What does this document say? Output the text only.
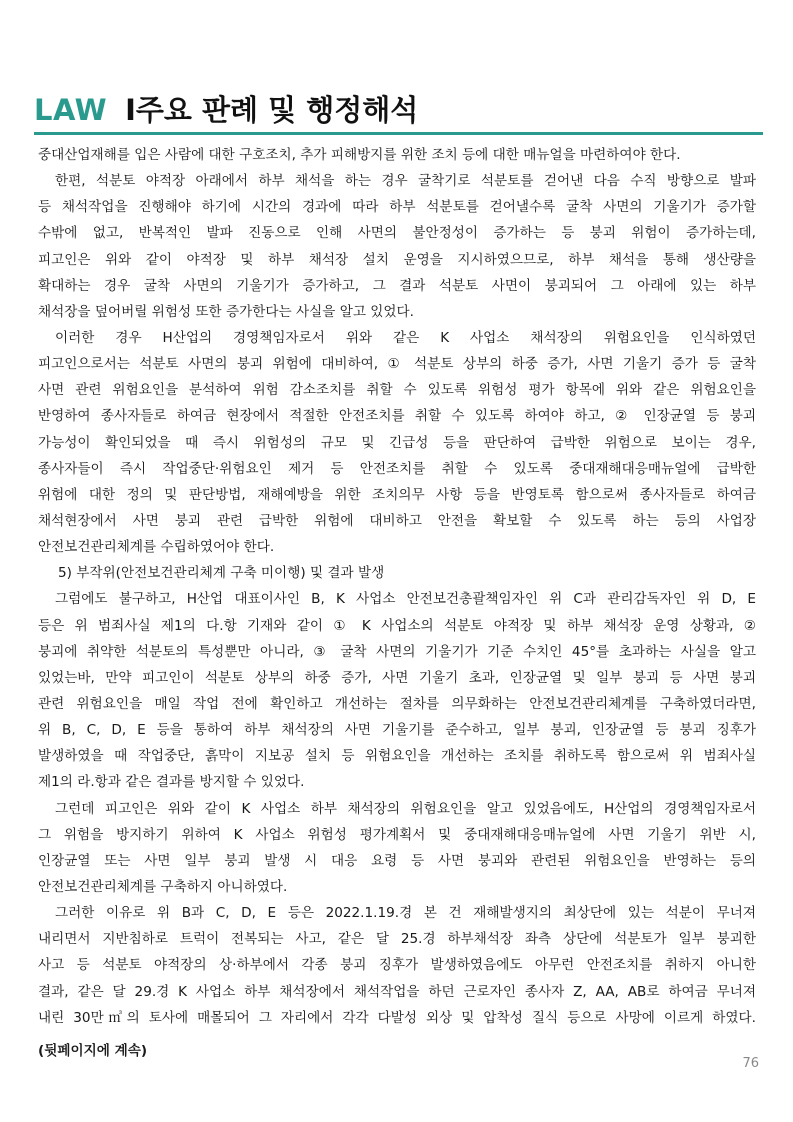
LAW Ⅰ주요 판례 및 행정해석
중대산업재해를 입은 사람에 대한 구호조치, 추가 피해방지를 위한 조치 등에 대한 매뉴얼을 마련하여야 한다.
한편, 석분토 야적장 아래에서 하부 채석을 하는 경우 굴착기로 석분토를 걷어낸 다음 수직 방향으로 발파
등 채석작업을 진행해야 하기에 시간의 경과에 따라 하부 석분토를 걷어낼수록 굴착 사면의 기울기가 증가할
수밖에 없고, 반복적인 발파 진동으로 인해 사면의 불안정성이 증가하는 등 붕괴 위험이 증가하는데,
피고인은 위와 같이 야적장 및 하부 채석장 설치 운영을 지시하였으므로, 하부 채석을 통해 생산량을
확대하는 경우 굴착 사면의 기울기가 증가하고, 그 결과 석분토 사면이 붕괴되어 그 아래에 있는 하부
채석장을 덮어버릴 위험성 또한 증가한다는 사실을 알고 있었다.
이러한 경우 H산업의 경영책임자로서 위와 같은 K 사업소 채석장의 위험요인을 인식하였던
피고인으로서는 석분토 사면의 붕괴 위험에 대비하여, ① 석분토 상부의 하중 증가, 사면 기울기 증가 등 굴착
사면 관련 위험요인을 분석하여 위험 감소조치를 취할 수 있도록 위험성 평가 항목에 위와 같은 위험요인을
반영하여 종사자들로 하여금 현장에서 적절한 안전조치를 취할 수 있도록 하여야 하고, ② 인장균열 등 붕괴
가능성이 확인되었을 때 즉시 위험성의 규모 및 긴급성 등을 판단하여 급박한 위험으로 보이는 경우,
종사자들이 즉시 작업중단·위험요인 제거 등 안전조치를 취할 수 있도록 중대재해대응매뉴얼에 급박한
위험에 대한 정의 및 판단방법, 재해예방을 위한 조치의무 사항 등을 반영토록 함으로써 종사자들로 하여금
채석현장에서 사면 붕괴 관련 급박한 위험에 대비하고 안전을 확보할 수 있도록 하는 등의 사업장
안전보건관리체계를 수립하였어야 한다.
5) 부작위(안전보건관리체계 구축 미이행) 및 결과 발생
그럼에도 불구하고, H산업 대표이사인 B, K 사업소 안전보건총괄책임자인 위 C과 관리감독자인 위 D, E
등은 위 범죄사실 제1의 다.항 기재와 같이 ① K 사업소의 석분토 야적장 및 하부 채석장 운영 상황과, ②
붕괴에 취약한 석분토의 특성뿐만 아니라, ③ 굴착 사면의 기울기가 기준 수치인 45°를 초과하는 사실을 알고
있었는바, 만약 피고인이 석분토 상부의 하중 증가, 사면 기울기 초과, 인장균열 및 일부 붕괴 등 사면 붕괴
관련 위험요인을 매일 작업 전에 확인하고 개선하는 절차를 의무화하는 안전보건관리체계를 구축하였더라면,
위 B, C, D, E 등을 통하여 하부 채석장의 사면 기울기를 준수하고, 일부 붕괴, 인장균열 등 붕괴 징후가
발생하였을 때 작업중단, 흙막이 지보공 설치 등 위험요인을 개선하는 조치를 취하도록 함으로써 위 범죄사실
제1의 라.항과 같은 결과를 방지할 수 있었다.
그런데 피고인은 위와 같이 K 사업소 하부 채석장의 위험요인을 알고 있었음에도, H산업의 경영책임자로서
그 위험을 방지하기 위하여 K 사업소 위험성 평가계획서 및 중대재해대응매뉴얼에 사면 기울기 위반 시,
인장균열 또는 사면 일부 붕괴 발생 시 대응 요령 등 사면 붕괴와 관련된 위험요인을 반영하는 등의
안전보건관리체계를 구축하지 아니하였다.
그러한 이유로 위 B과 C, D, E 등은 2022.1.19.경 본 건 재해발생지의 최상단에 있는 석분이 무너져
내리면서 지반침하로 트럭이 전복되는 사고, 같은 달 25.경 하부채석장 좌측 상단에 석분토가 일부 붕괴한
사고 등 석분토 야적장의 상·하부에서 각종 붕괴 징후가 발생하였음에도 아무런 안전조치를 취하지 아니한
결과, 같은 달 29.경 K 사업소 하부 채석장에서 채석작업을 하던 근로자인 종사자 Z, AA, AB로 하여금 무너져
내린 30만㎥의 토사에 매몰되어 그 자리에서 각각 다발성 외상 및 압착성 질식 등으로 사망에 이르게 하였다.
(뒷페이지에 계속)
76
